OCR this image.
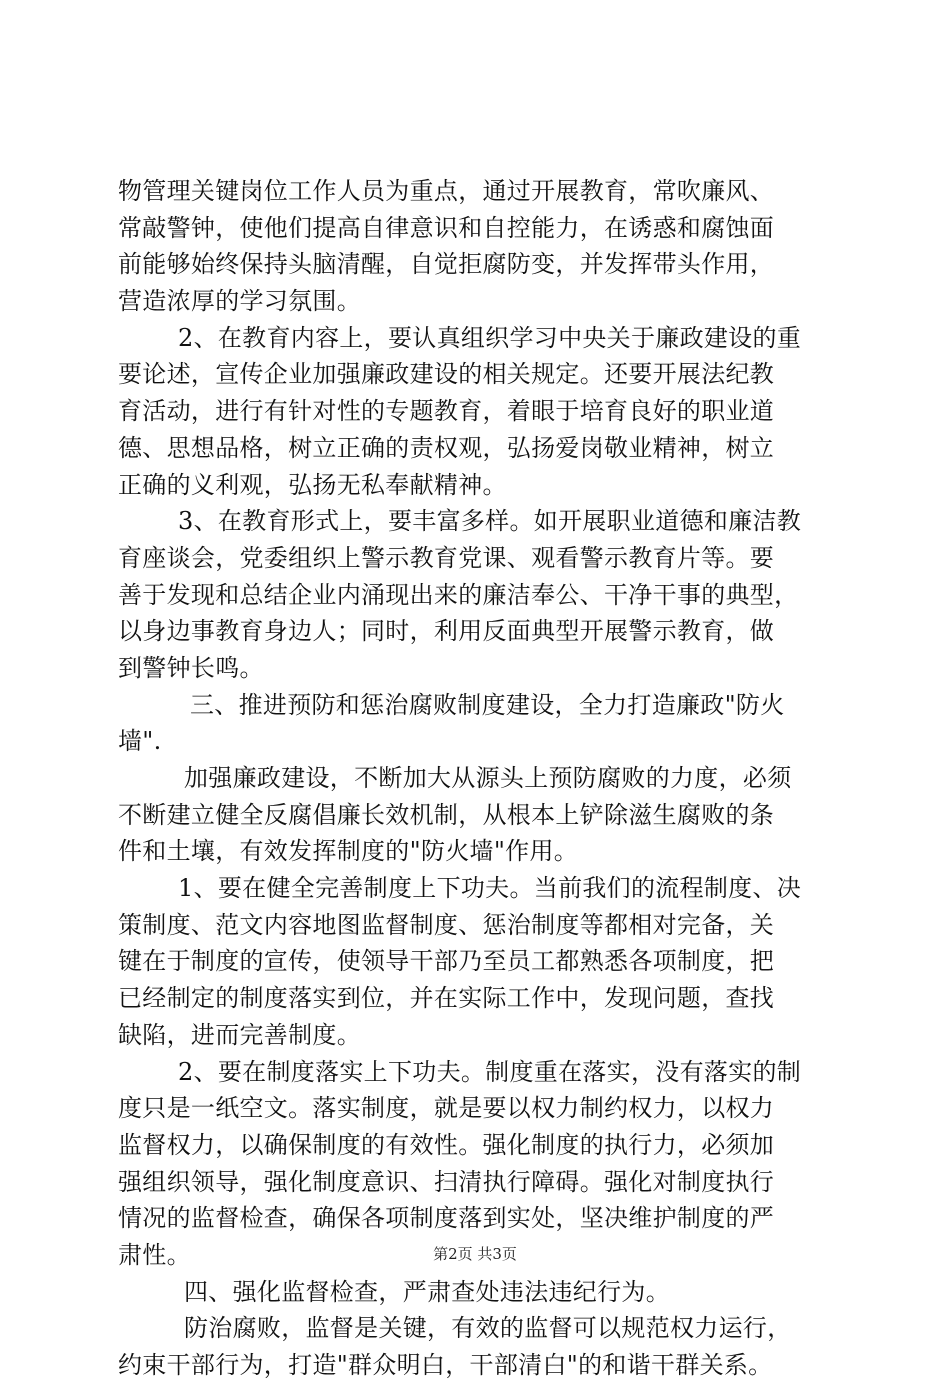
物管理关键岗位工作人员为重点，通过开展教育，常吹廉风、
常敲警钟，使他们提高自律意识和自控能力，在诱惑和腐蚀面
前能够始终保持头脑清醒，自觉拒腐防变，并发挥带头作用，
营造浓厚的学习氛围。
2、在教育内容上，要认真组织学习中央关于廉政建设的重
要论述，宣传企业加强廉政建设的相关规定。还要开展法纪教
育活动，进行有针对性的专题教育，着眼于培育良好的职业道
德、思想品格，树立正确的责权观，弘扬爱岗敬业精神，树立
正确的义利观，弘扬无私奉献精神。
3、在教育形式上，要丰富多样。如开展职业道德和廉洁教
育座谈会，党委组织上警示教育党课、观看警示教育片等。要
善于发现和总结企业内涌现出来的廉洁奉公、干净干事的典型，
以身边事教育身边人；同时，利用反面典型开展警示教育，做
到警钟长鸣。
三、推进预防和惩治腐败制度建设，全力打造廉政"防火
墙".
加强廉政建设，不断加大从源头上预防腐败的力度，必须
不断建立健全反腐倡廉长效机制，从根本上铲除滋生腐败的条
件和土壤，有效发挥制度的"防火墙"作用。
1、要在健全完善制度上下功夫。当前我们的流程制度、决
策制度、范文内容地图监督制度、惩治制度等都相对完备，关
键在于制度的宣传，使领导干部乃至员工都熟悉各项制度，把
已经制定的制度落实到位，并在实际工作中，发现问题，查找
缺陷，进而完善制度。
2、要在制度落实上下功夫。制度重在落实，没有落实的制
度只是一纸空文。落实制度，就是要以权力制约权力，以权力
监督权力，以确保制度的有效性。强化制度的执行力，必须加
强组织领导，强化制度意识、扫清执行障碍。强化对制度执行
情况的监督检查，确保各项制度落到实处，坚决维护制度的严
肃性。
四、强化监督检查，严肃查处违法违纪行为。
防治腐败，监督是关键，有效的监督可以规范权力运行，
约束干部行为，打造"群众明白，干部清白"的和谐干群关系。
第2页 共3页
